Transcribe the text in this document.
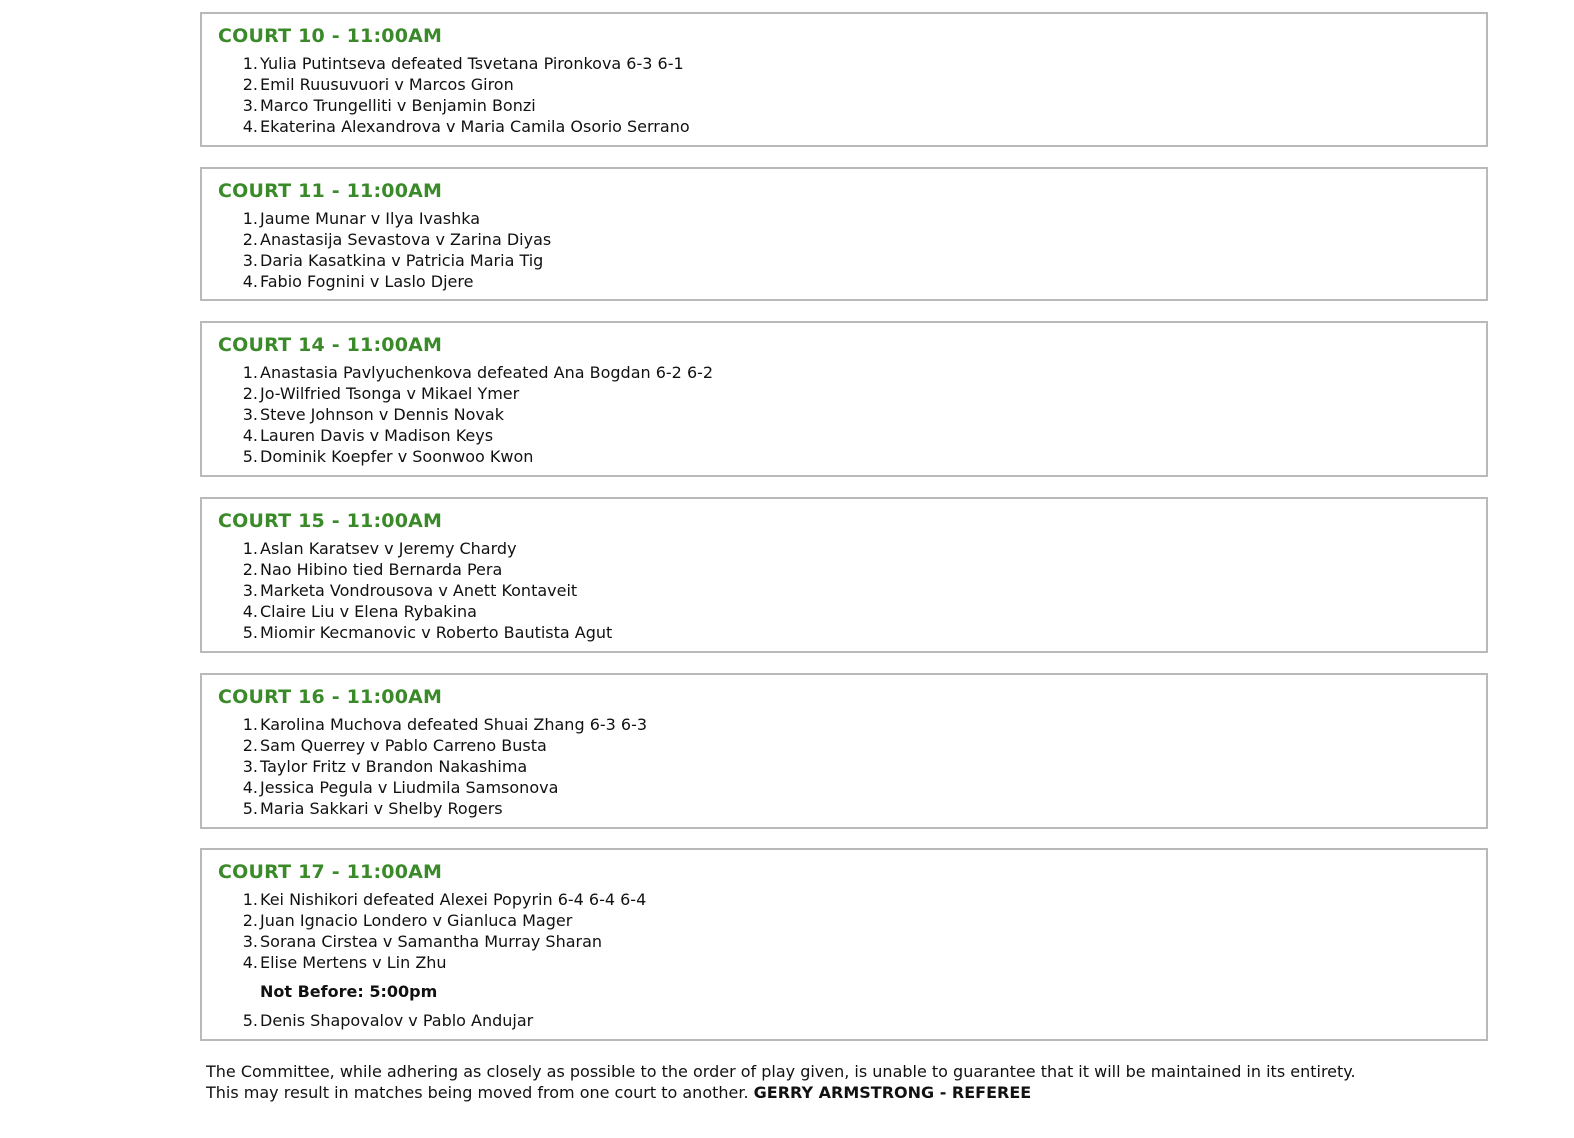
COURT 10 - 11:00AM
1. Yulia Putintseva defeated Tsvetana Pironkova 6-3 6-1
2. Emil Ruusuvuori v Marcos Giron
3. Marco Trungelliti v Benjamin Bonzi
4. Ekaterina Alexandrova v Maria Camila Osorio Serrano
COURT 11 - 11:00AM
1. Jaume Munar v Ilya Ivashka
2. Anastasija Sevastova v Zarina Diyas
3. Daria Kasatkina v Patricia Maria Tig
4. Fabio Fognini v Laslo Djere
COURT 14 - 11:00AM
1. Anastasia Pavlyuchenkova defeated Ana Bogdan 6-2 6-2
2. Jo-Wilfried Tsonga v Mikael Ymer
3. Steve Johnson v Dennis Novak
4. Lauren Davis v Madison Keys
5. Dominik Koepfer v Soonwoo Kwon
COURT 15 - 11:00AM
1. Aslan Karatsev v Jeremy Chardy
2. Nao Hibino tied Bernarda Pera
3. Marketa Vondrousova v Anett Kontaveit
4. Claire Liu v Elena Rybakina
5. Miomir Kecmanovic v Roberto Bautista Agut
COURT 16 - 11:00AM
1. Karolina Muchova defeated Shuai Zhang 6-3 6-3
2. Sam Querrey v Pablo Carreno Busta
3. Taylor Fritz v Brandon Nakashima
4. Jessica Pegula v Liudmila Samsonova
5. Maria Sakkari v Shelby Rogers
COURT 17 - 11:00AM
1. Kei Nishikori defeated Alexei Popyrin 6-4 6-4 6-4
2. Juan Ignacio Londero v Gianluca Mager
3. Sorana Cirstea v Samantha Murray Sharan
4. Elise Mertens v Lin Zhu
Not Before: 5:00pm
5. Denis Shapovalov v Pablo Andujar
The Committee, while adhering as closely as possible to the order of play given, is unable to guarantee that it will be maintained in its entirety.
This may result in matches being moved from one court to another. GERRY ARMSTRONG - REFEREE
